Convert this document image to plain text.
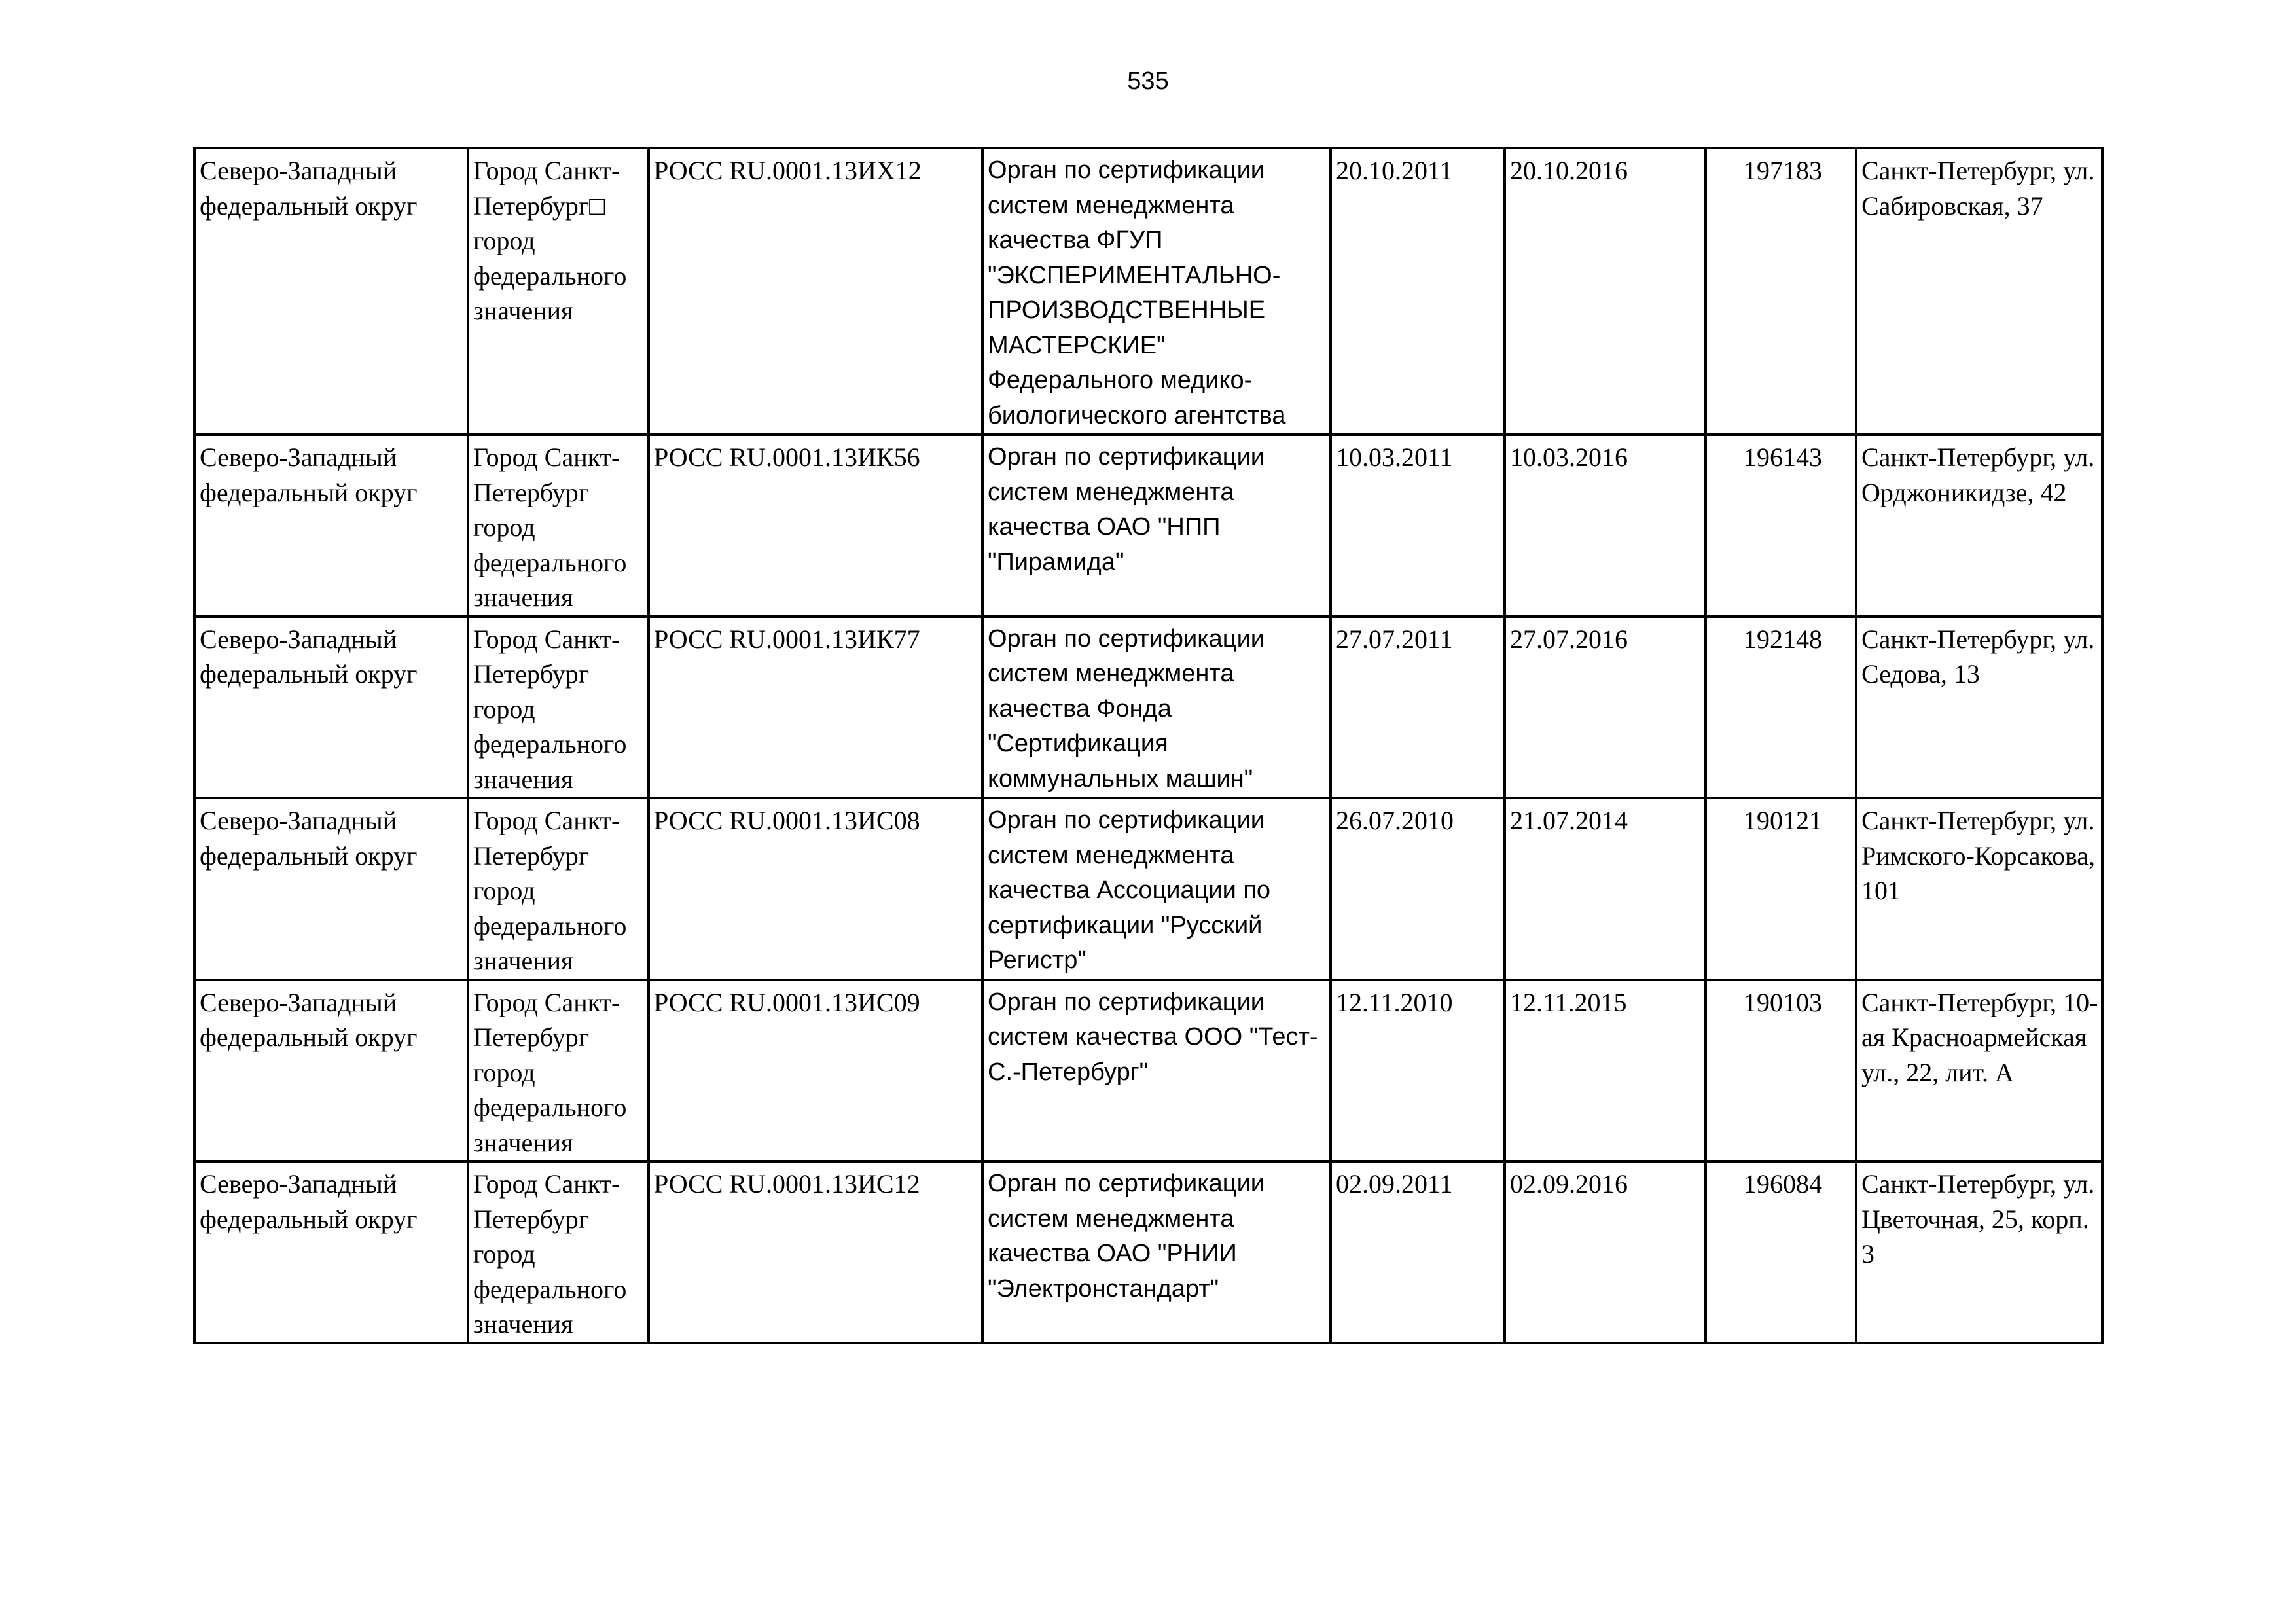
535
Северо-Западный федеральный округ	Город Санкт-Петербург□
город
федерального
значения	РОСС RU.0001.13ИХ12	Орган по сертификации систем менеджмента качества ФГУП "ЭКСПЕРИМЕНТАЛЬНО-ПРОИЗВОДСТВЕННЫЕ МАСТЕРСКИЕ" Федерального медико-биологического агентства	20.10.2011	20.10.2016	197183	Санкт-Петербург, ул. Сабировская, 37

Северо-Западный федеральный округ	Город Санкт-Петербург
город
федерального
значения	РОСС RU.0001.13ИК56	Орган по сертификации систем менеджмента качества ОАО "НПП "Пирамида"	10.03.2011	10.03.2016	196143	Санкт-Петербург, ул. Орджоникидзе, 42

Северо-Западный федеральный округ	Город Санкт-Петербург
город
федерального
значения	РОСС RU.0001.13ИК77	Орган по сертификации систем менеджмента качества Фонда "Сертификация коммунальных машин"	27.07.2011	27.07.2016	192148	Санкт-Петербург, ул. Седова, 13

Северо-Западный федеральный округ	Город Санкт-Петербург
город
федерального
значения	РОСС RU.0001.13ИС08	Орган по сертификации систем менеджмента качества Ассоциации по сертификации "Русский Регистр"	26.07.2010	21.07.2014	190121	Санкт-Петербург, ул. Римского-Корсакова, 101

Северо-Западный федеральный округ	Город Санкт-Петербург
город
федерального
значения	РОСС RU.0001.13ИС09	Орган по сертификации систем качества ООО "Тест-С.-Петербург"	12.11.2010	12.11.2015	190103	Санкт-Петербург, 10-ая Красноармейская ул., 22, лит. А

Северо-Западный федеральный округ	Город Санкт-Петербург
город
федерального
значения	РОСС RU.0001.13ИС12	Орган по сертификации систем менеджмента качества ОАО "РНИИ "Электронстандарт"	02.09.2011	02.09.2016	196084	Санкт-Петербург, ул. Цветочная, 25, корп. 3
